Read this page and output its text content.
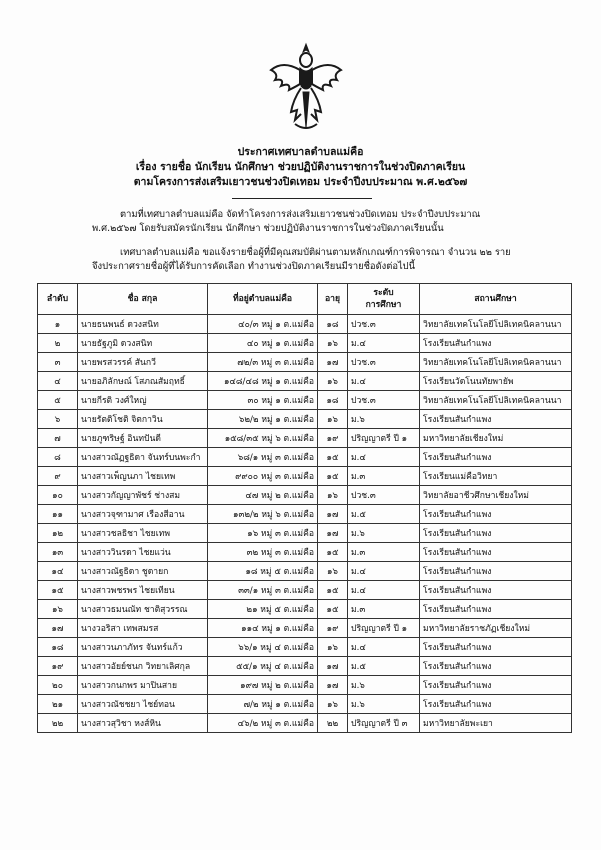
ประกาศเทศบาลตำบลแม่คือ
เรื่อง รายชื่อ นักเรียน นักศึกษา ช่วยปฏิบัติงานราชการในช่วงปิดภาคเรียน
ตามโครงการส่งเสริมเยาวชนช่วงปิดเทอม ประจำปีงบประมาณ พ.ศ.๒๕๖๗
ตามที่เทศบาลตำบลแม่คือ จัดทำโครงการส่งเสริมเยาวชนช่วงปิดเทอม ประจำปีงบประมาณ
พ.ศ.๒๕๖๗ โดยรับสมัครนักเรียน นักศึกษา ช่วยปฏิบัติงานราชการในช่วงปิดภาคเรียนนั้น
เทศบาลตำบลแม่คือ ขอแจ้งรายชื่อผู้ที่มีคุณสมบัติผ่านตามหลักเกณฑ์การพิจารณา จำนวน ๒๒ ราย
จึงประกาศรายชื่อผู้ที่ได้รับการคัดเลือก ทำงานช่วงปิดภาคเรียนมีรายชื่อดังต่อไปนี้
ลำดับ	ชื่อ สกุล	ที่อยู่ตำบลแม่คือ	อายุ	ระดับ
การศึกษา	สถานศึกษา
๑	นายธนพนธ์ ดวงสนิท	๔๐/๓ หมู่ ๑ ต.แม่คือ	๑๘	ปวช.๓	วิทยาลัยเทคโนโลยีโปลิเทคนิคลานนา
๒	นายธัฐภูมิ ดวงสนิท	๔๐ หมู่ ๑ ต.แม่คือ	๑๖	ม.๔	โรงเรียนสันกำแพง
๓	นายพรสวรรค์ สันกวี	๗๒/๓ หมู่ ๓ ต.แม่คือ	๑๗	ปวช.๓	วิทยาลัยเทคโนโลยีโปลิเทคนิคลานนา
๔	นายอภิลักษณ์ โสภณสัมฤทธิ์	๑๔๘/๔๘ หมู่ ๑ ต.แม่คือ	๑๖	ม.๔	โรงเรียนวัดโนนทัยพายัพ
๕	นายกีรติ วงศ์ใหญ่	๓๐ หมู่ ๑ ต.แม่คือ	๑๘	ปวช.๓	วิทยาลัยเทคโนโลยีโปลิเทคนิคลานนา
๖	นายรัตติโชติ จิตกาวิน	๖๒/๒ หมู่ ๑ ต.แม่คือ	๑๖	ม.๖	โรงเรียนสันกำแพง
๗	นายภูฑริษฐ์ อินทปันดี	๑๕๘/๓๕ หมู่ ๖ ต.แม่คือ	๑๙	ปริญญาตรี ปี ๑	มหาวิทยาลัยเชียงใหม่
๘	นางสาวณัฏฐธิดา จันทร์บนพะกำ	๖๘/๑ หมู่ ๓ ต.แม่คือ	๑๕	ม.๔	โรงเรียนสันกำแพง
๙	นางสาวเพ็ญนภา ไชยเทพ	๙๙๐๐ หมู่ ๓ ต.แม่คือ	๑๕	ม.๓	โรงเรียนแม่คือวิทยา
๑๐	นางสาวกัญญาพัชร์ ช่างสม	๔๗ หมู่ ๒ ต.แม่คือ	๑๖	ปวช.๓	วิทยาลัยอาชีวศึกษาเชียงใหม่
๑๑	นางสาวจุฑามาศ เรืองสีอาน	๑๓๒/๒ หมู่ ๖ ต.แม่คือ	๑๗	ม.๕	โรงเรียนสันกำแพง
๑๒	นางสาวชลธิชา ไชยเทพ	๑๖ หมู่ ๓ ต.แม่คือ	๑๗	ม.๖	โรงเรียนสันกำแพง
๑๓	นางสาววินรดา ไชยแว่น	๓๒ หมู่ ๓ ต.แม่คือ	๑๕	ม.๓	โรงเรียนสันกำแพง
๑๔	นางสาวณัฐธิดา ชูดายก	๑๘ หมู่ ๕ ต.แม่คือ	๑๖	ม.๔	โรงเรียนสันกำแพง
๑๕	นางสาวพชรพร ไชยเทียน	๓๓/๑ หมู่ ๓ ต.แม่คือ	๑๕	ม.๔	โรงเรียนสันกำแพง
๑๖	นางสาวธมนณัท ชาติสุวรรณ	๒๑ หมู่ ๕ ต.แม่คือ	๑๕	ม.๓	โรงเรียนสันกำแพง
๑๗	นางวอริสา เทพสมรส	๑๑๔ หมู่ ๑ ต.แม่คือ	๑๙	ปริญญาตรี ปี ๑	มหาวิทยาลัยราชภัฏเชียงใหม่
๑๘	นางสาวนภาภัทร จันทร์แก้ว	๖๖/๑ หมู่ ๔ ต.แม่คือ	๑๖	ม.๔	โรงเรียนสันกำแพง
๑๙	นางสาวอัยย์ชนก วิทยาเลิศกุล	๕๕/๑ หมู่ ๔ ต.แม่คือ	๑๗	ม.๕	โรงเรียนสันกำแพง
๒๐	นางสาวกนกพร มาปินสาย	๑๙๗ หมู่ ๒ ต.แม่คือ	๑๗	ม.๖	โรงเรียนสันกำแพง
๒๑	นางสาวณัชชยา ไชย์ทอน	๗/๒ หมู่ ๑ ต.แม่คือ	๑๖	ม.๖	โรงเรียนสันกำแพง
๒๒	นางสาวสุวิชา หงส์หิน	๔๖/๒ หมู่ ๓ ต.แม่คือ	๒๒	ปริญญาตรี ปี ๓	มหาวิทยาลัยพะเยา
